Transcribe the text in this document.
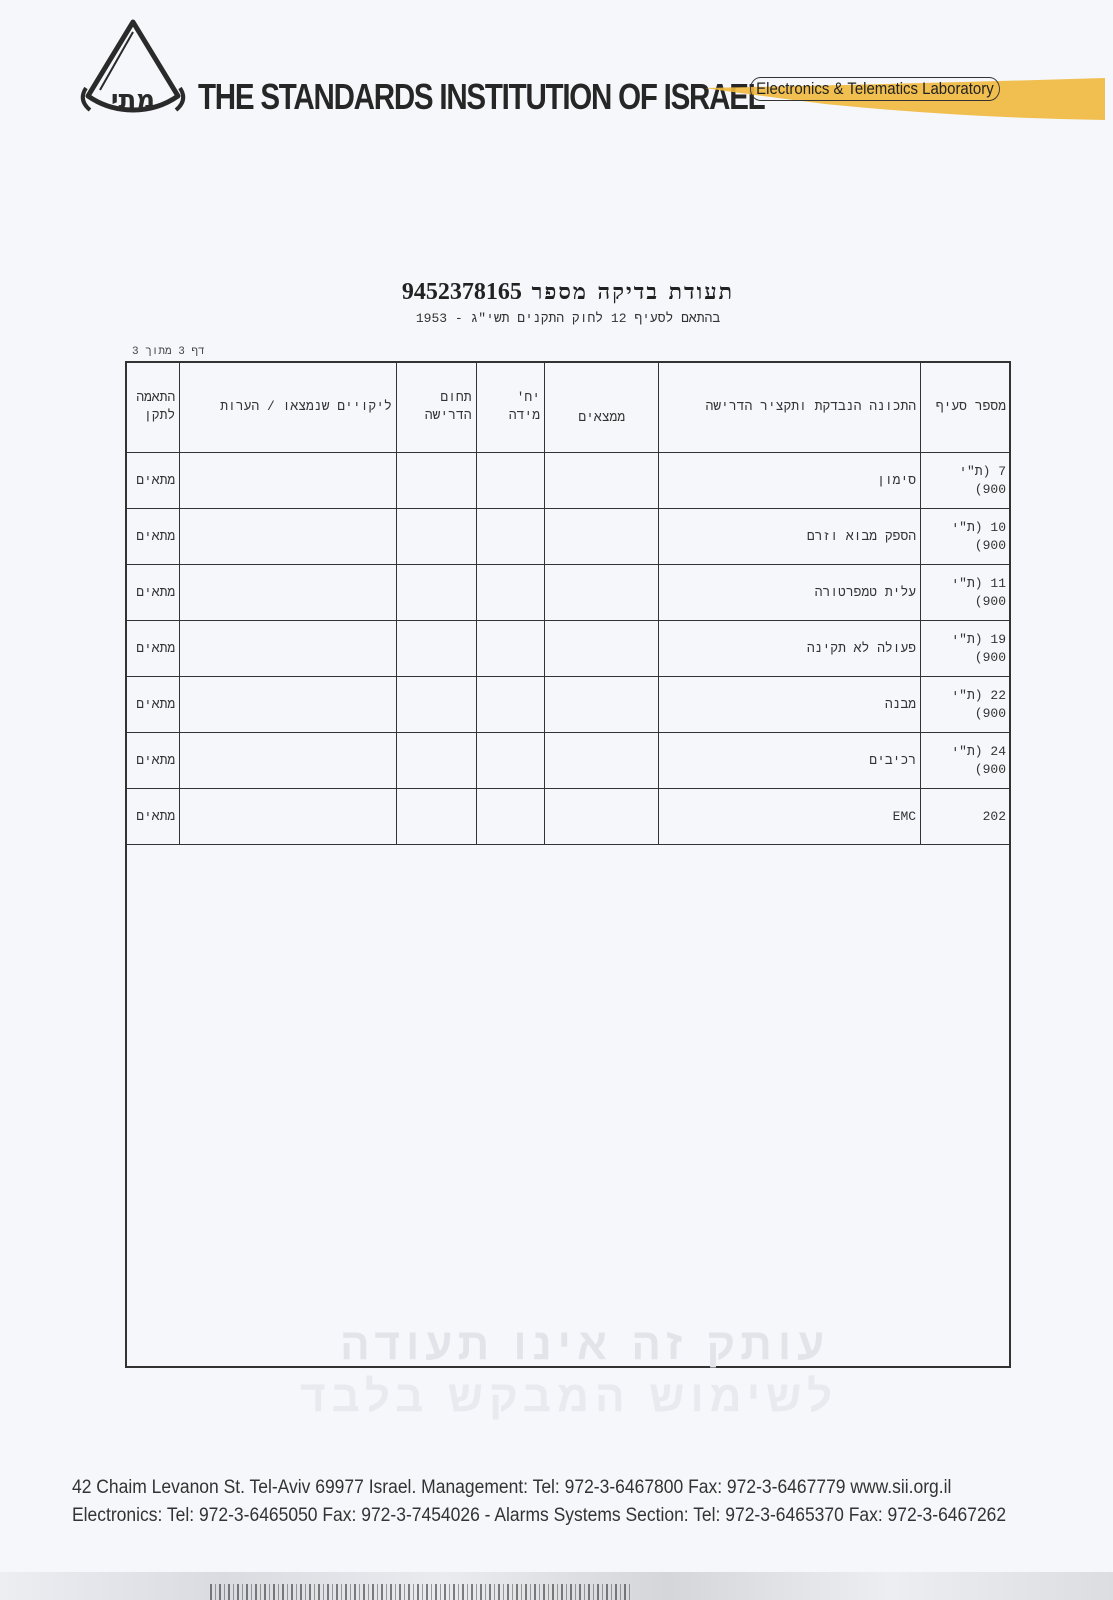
מתי THE STANDARDS INSTITUTION OF ISRAEL
Electronics & Telematics Laboratory
תעודת בדיקה מספר 9452378165
בהתאם לסעיף 12 לחוק התקנים תשי"ג - 1953
דף 3 מתוך 3
מספר סעיף	התכונה הנבדקת ותקציר הדרישה	ממצאים	יח' מידה	תחום הדרישה	ליקויים שנמצאו / הערות	התאמה לתקן
7 (ת"י 900)	סימון					מתאים
10 (ת"י 900)	הספק מבוא וזרם					מתאים
11 (ת"י 900)	עלית טמפרטורה					מתאים
19 (ת"י 900)	פעולה לא תקינה					מתאים
22 (ת"י 900)	מבנה					מתאים
24 (ת"י 900)	רכיבים					מתאים
202	EMC					מתאים
עותק זה אינו תעודה
לשימוש המבקש בלבד
42 Chaim Levanon St. Tel-Aviv 69977 Israel. Management: Tel: 972-3-6467800 Fax: 972-3-6467779 www.sii.org.il
Electronics: Tel: 972-3-6465050 Fax: 972-3-7454026 - Alarms Systems Section: Tel: 972-3-6465370 Fax: 972-3-6467262
